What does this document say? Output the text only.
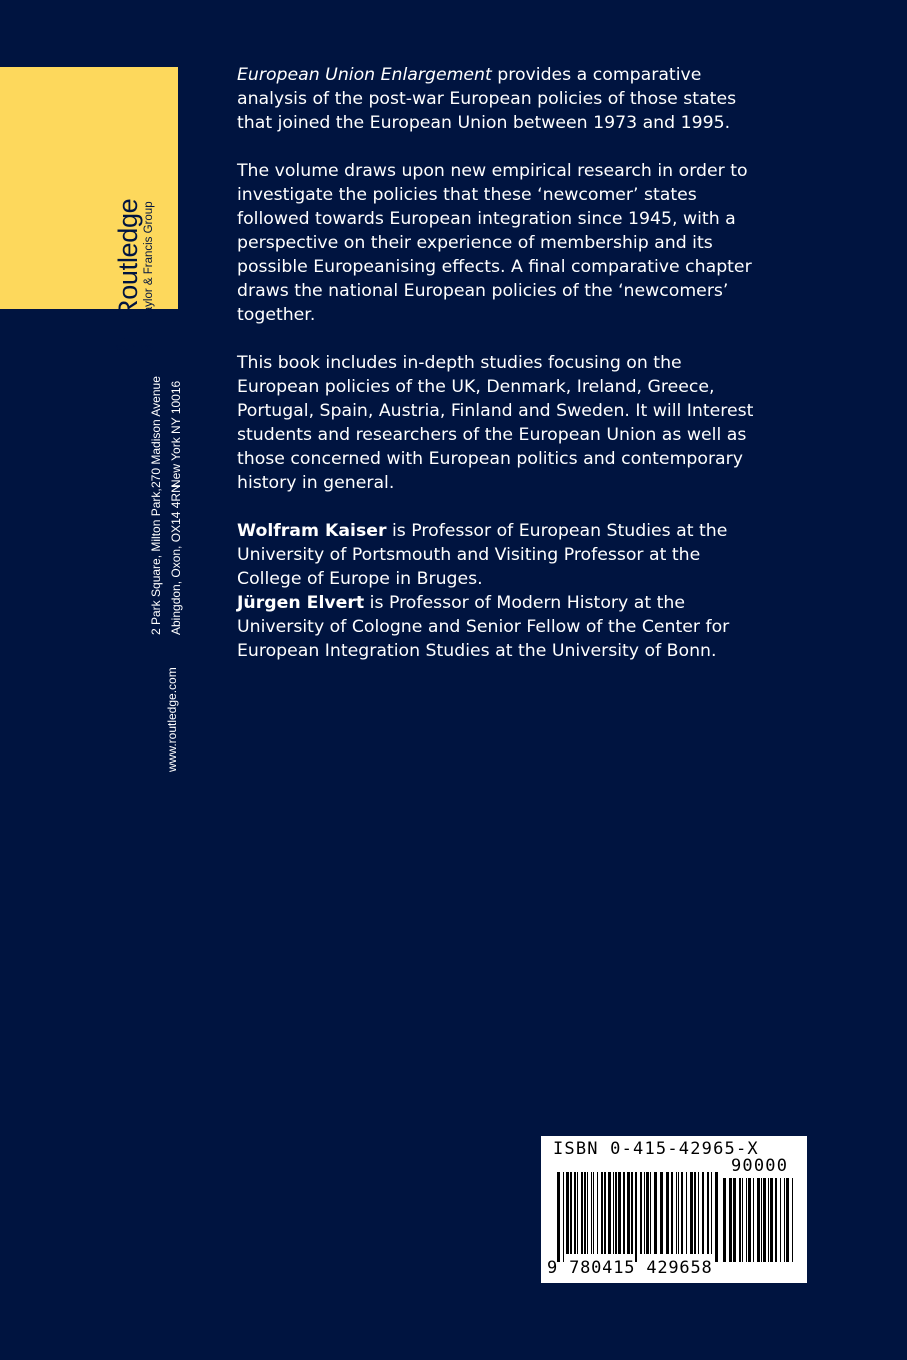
Routledge Taylor & Francis Group
ROUTLEDGE
2 Park Square, Milton Park,
270 Madison Avenue
Abingdon, Oxon, OX14 4RN
New York NY 10016
www.routledge.com

European Union Enlargement provides a comparative analysis of the post-war European policies of those states that joined the European Union between 1973 and 1995.

The volume draws upon new empirical research in order to investigate the policies that these ‘newcomer’ states followed towards European integration since 1945, with a perspective on their experience of membership and its possible Europeanising effects. A final comparative chapter draws the national European policies of the ‘newcomers’ together.

This book includes in-depth studies focusing on the European policies of the UK, Denmark, Ireland, Greece, Portugal, Spain, Austria, Finland and Sweden. It will Interest students and researchers of the European Union as well as those concerned with European politics and contemporary history in general.

Wolfram Kaiser is Professor of European Studies at the University of Portsmouth and Visiting Professor at the College of Europe in Bruges.

Jürgen Elvert is Professor of Modern History at the University of Cologne and Senior Fellow of the Center for European Integration Studies at the University of Bonn.

ISBN 0-415-42965-X
90000
9 780415 429658
